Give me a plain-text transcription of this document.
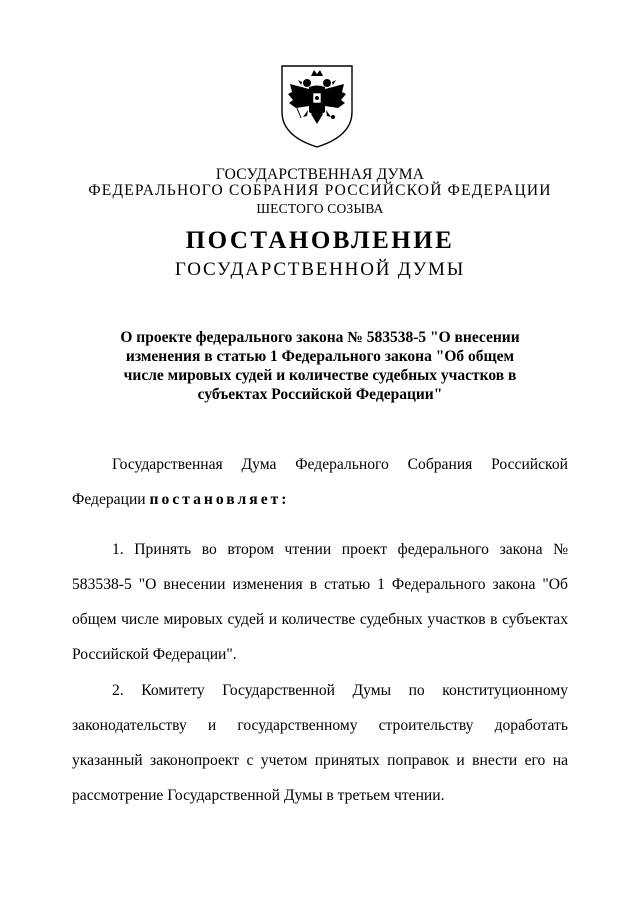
ГОСУДАРСТВЕННАЯ ДУМА
ФЕДЕРАЛЬНОГО СОБРАНИЯ РОССИЙСКОЙ ФЕДЕРАЦИИ
ШЕСТОГО СОЗЫВА
ПОСТАНОВЛЕНИЕ
ГОСУДАРСТВЕННОЙ ДУМЫ
О проекте федерального закона № 583538-5 "О внесении изменения в статью 1 Федерального закона "Об общем числе мировых судей и количестве судебных участков в субъектах Российской Федерации"
Государственная Дума Федерального Собрания Российской Федерации постановляет:
1. Принять во втором чтении проект федерального закона № 583538-5 "О внесении изменения в статью 1 Федерального закона "Об общем числе мировых судей и количестве судебных участков в субъектах Российской Федерации".
2. Комитету Государственной Думы по конституционному законодательству и государственному строительству доработать указанный законопроект с учетом принятых поправок и внести его на рассмотрение Государственной Думы в третьем чтении.
